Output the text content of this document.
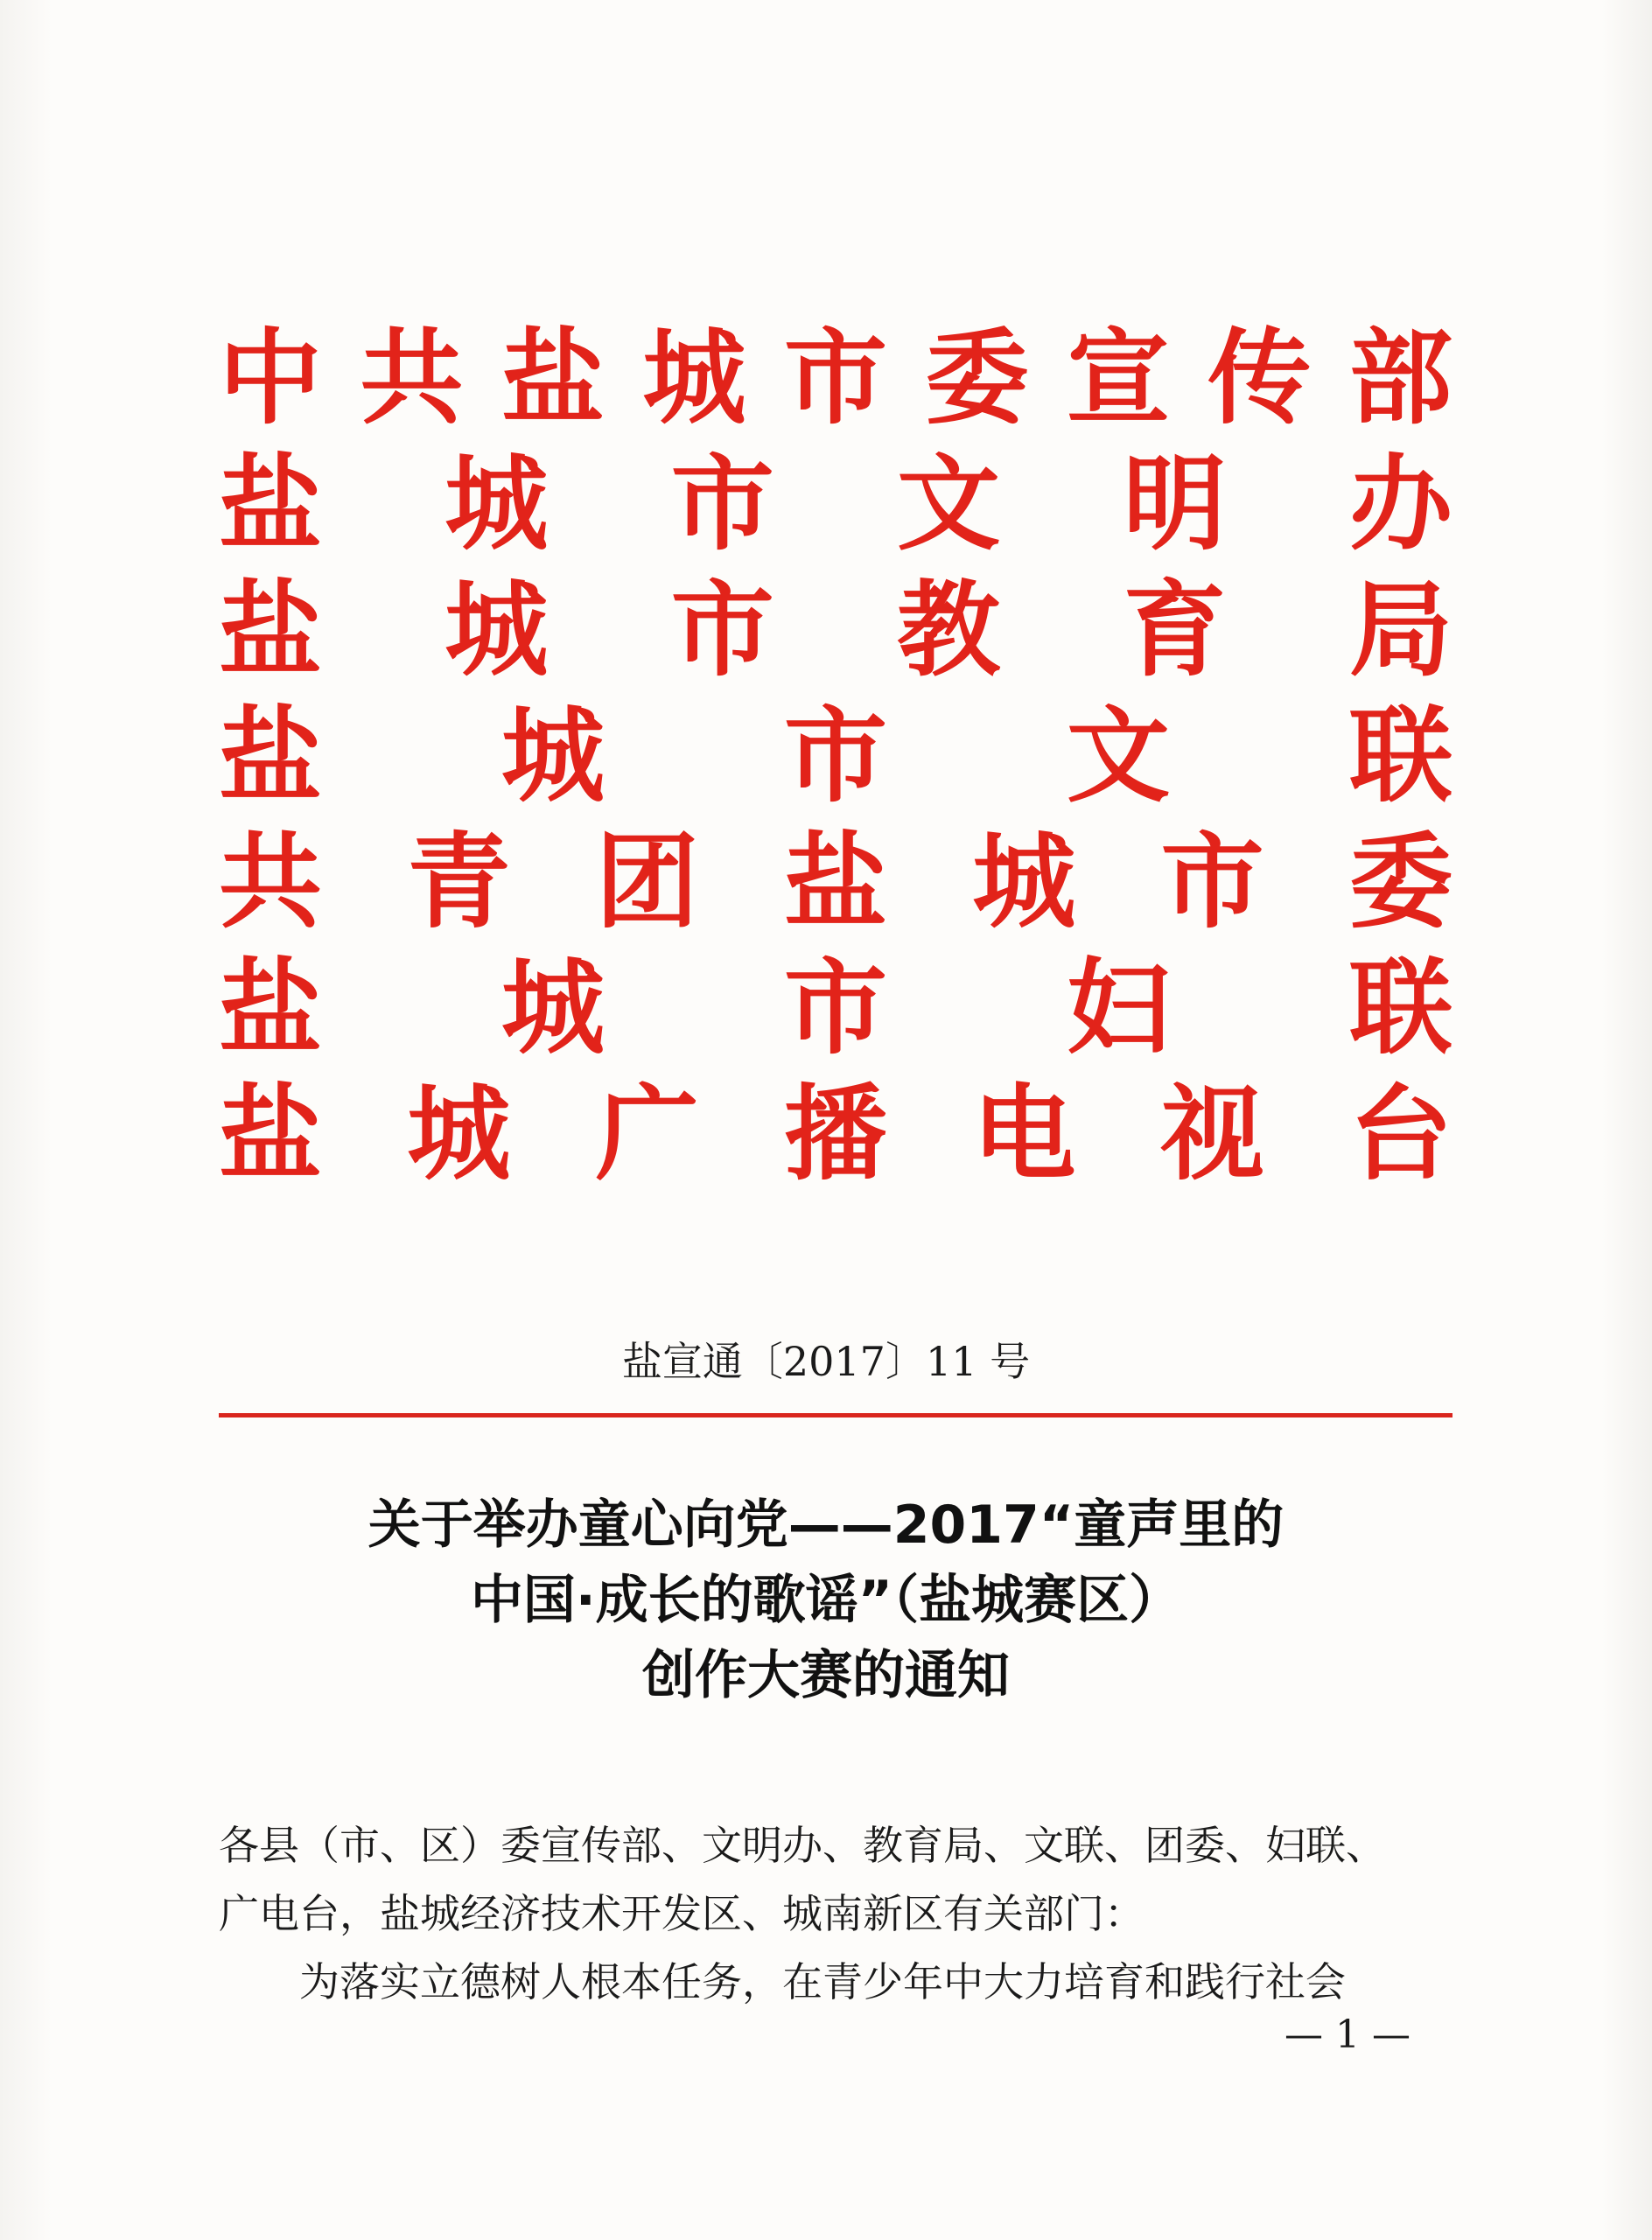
中 共 盐 城 市 委 宣 传 部
盐 城 市 文 明 办
盐 城 市 教 育 局
盐 城 市 文 联
共 青 团 盐 城 市 委
盐 城 市 妇 联
盐 城 广 播 电 视 台
盐宣通〔2017〕11 号
关于举办童心向党——2017“童声里的
中国·成长的歌谣”（盐城赛区）
创作大赛的通知
各县（市、区）委宣传部、文明办、教育局、文联、团委、妇联、
广电台，盐城经济技术开发区、城南新区有关部门：
为落实立德树人根本任务，在青少年中大力培育和践行社会
— 1 —
